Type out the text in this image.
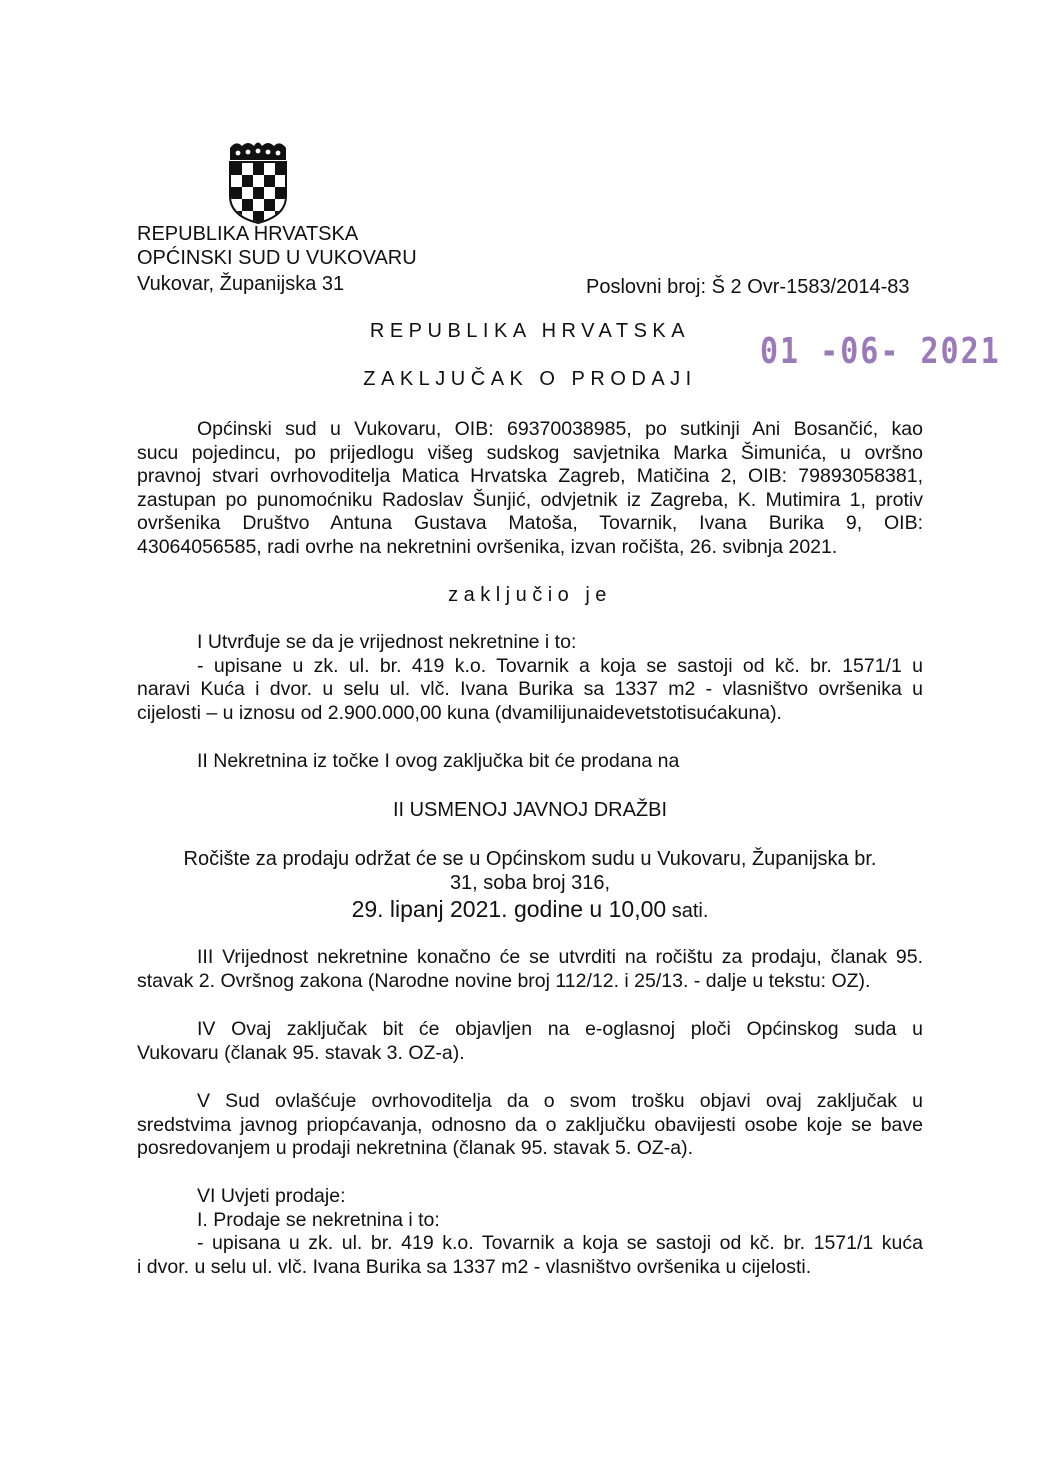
REPUBLIKA HRVATSKA
OPĆINSKI SUD U VUKOVARU
Vukovar, Županijska 31	Poslovni broj: Š 2 Ovr-1583/2014-83
01 -06- 2021
REPUBLIKA HRVATSKA
ZAKLJUČAK O PRODAJI
Općinski sud u Vukovaru, OIB: 69370038985, po sutkinji Ani Bosančić, kao
sucu pojedincu, po prijedlogu višeg sudskog savjetnika Marka Šimunića, u ovršno
pravnoj stvari ovrhovoditelja Matica Hrvatska Zagreb, Matičina 2, OIB: 79893058381,
zastupan po punomoćniku Radoslav Šunjić, odvjetnik iz Zagreba, K. Mutimira 1, protiv
ovršenika Društvo Antuna Gustava Matoša, Tovarnik, Ivana Burika 9, OIB:
43064056585, radi ovrhe na nekretnini ovršenika, izvan ročišta, 26. svibnja 2021.
zaključio je
I Utvrđuje se da je vrijednost nekretnine i to:
- upisane u zk. ul. br. 419 k.o. Tovarnik a koja se sastoji od kč. br. 1571/1 u
naravi Kuća i dvor. u selu ul. vlč. Ivana Burika sa 1337 m2 - vlasništvo ovršenika u
cijelosti – u iznosu od 2.900.000,00 kuna (dvamilijunaidevetstotisućakuna).
II Nekretnina iz točke I ovog zaključka bit će prodana na
II USMENOJ JAVNOJ DRAŽBI
Ročište za prodaju održat će se u Općinskom sudu u Vukovaru, Županijska br.
31, soba broj 316,
29. lipanj 2021. godine u 10,00 sati.
III Vrijednost nekretnine konačno će se utvrditi na ročištu za prodaju, članak 95.
stavak 2. Ovršnog zakona (Narodne novine broj 112/12. i 25/13. - dalje u tekstu: OZ).
IV Ovaj zaključak bit će objavljen na e-oglasnoj ploči Općinskog suda u
Vukovaru (članak 95. stavak 3. OZ-a).
V Sud ovlašćuje ovrhovoditelja da o svom trošku objavi ovaj zaključak u
sredstvima javnog priopćavanja, odnosno da o zaključku obavijesti osobe koje se bave
posredovanjem u prodaji nekretnina (članak 95. stavak 5. OZ-a).
VI Uvjeti prodaje:
I. Prodaje se nekretnina i to:
- upisana u zk. ul. br. 419 k.o. Tovarnik a koja se sastoji od kč. br. 1571/1 kuća
i dvor. u selu ul. vlč. Ivana Burika sa 1337 m2 - vlasništvo ovršenika u cijelosti.
